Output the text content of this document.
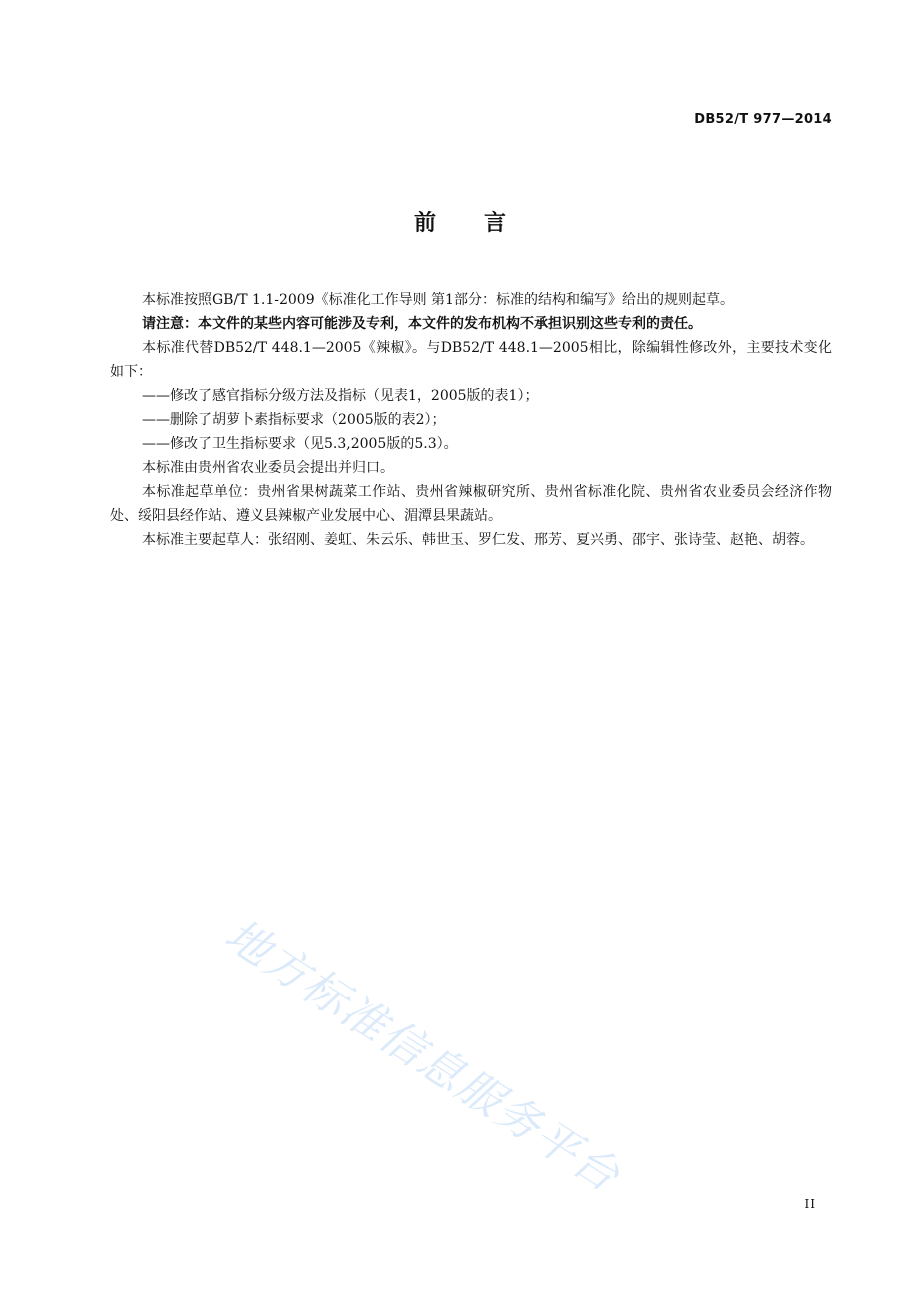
DB52/T 977—2014
前言

本标准按照GB/T 1.1-2009《标准化工作导则 第1部分：标准的结构和编写》给出的规则起草。

请注意：本文件的某些内容可能涉及专利，本文件的发布机构不承担识别这些专利的责任。

本标准代替DB52/T 448.1—2005《辣椒》。与DB52/T 448.1—2005相比，除编辑性修改外，主要技术变化如下：

——修改了感官指标分级方法及指标（见表1，2005版的表1）；

——删除了胡萝卜素指标要求（2005版的表2）；

——修改了卫生指标要求（见5.3,2005版的5.3）。

本标准由贵州省农业委员会提出并归口。

本标准起草单位：贵州省果树蔬菜工作站、贵州省辣椒研究所、贵州省标准化院、贵州省农业委员会经济作物处、绥阳县经作站、遵义县辣椒产业发展中心、湄潭县果蔬站。

本标准主要起草人：张绍刚、姜虹、朱云乐、韩世玉、罗仁发、邢芳、夏兴勇、邵宇、张诗莹、赵艳、胡蓉。

地方标准信息服务平台
II
